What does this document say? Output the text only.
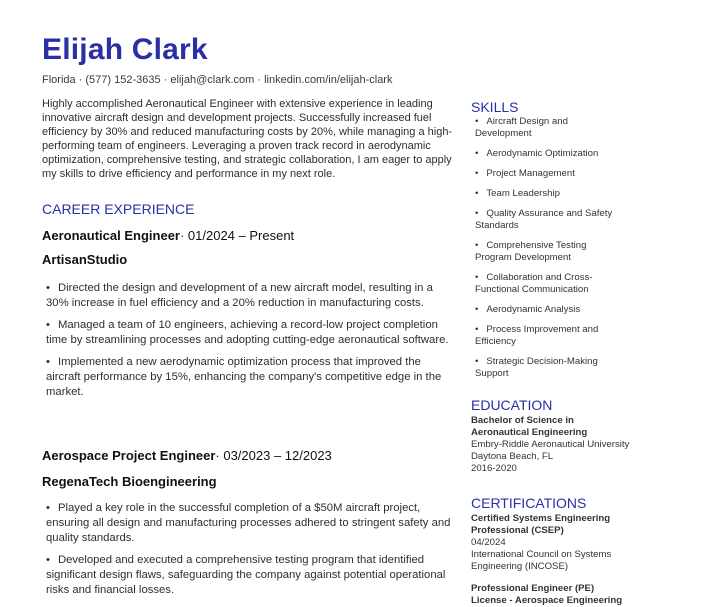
Elijah Clark
Florida · (577) 152-3635 · elijah@clark.com · linkedin.com/in/elijah-clark

Highly accomplished Aeronautical Engineer with extensive experience in leading innovative aircraft design and development projects. Successfully increased fuel efficiency by 30% and reduced manufacturing costs by 20%, while managing a high-performing team of engineers. Leveraging a proven track record in aerodynamic optimization, comprehensive testing, and strategic collaboration, I am eager to apply my skills to drive efficiency and performance in my next role.

CAREER EXPERIENCE
Aeronautical Engineer· 01/2024 – Present
ArtisanStudio
• Directed the design and development of a new aircraft model, resulting in a 30% increase in fuel efficiency and a 20% reduction in manufacturing costs.
• Managed a team of 10 engineers, achieving a record-low project completion time by streamlining processes and adopting cutting-edge aeronautical software.
• Implemented a new aerodynamic optimization process that improved the aircraft performance by 15%, enhancing the company's competitive edge in the market.
Aerospace Project Engineer· 03/2023 – 12/2023
RegenaTech Bioengineering
• Played a key role in the successful completion of a $50M aircraft project, ensuring all design and manufacturing processes adhered to stringent safety and quality standards.
• Developed and executed a comprehensive testing program that identified significant design flaws, safeguarding the company against potential operational risks and financial losses.
SKILLS
• Aircraft Design and Development
• Aerodynamic Optimization
• Project Management
• Team Leadership
• Quality Assurance and Safety Standards
• Comprehensive Testing Program Development
• Collaboration and Cross-Functional Communication
• Aerodynamic Analysis
• Process Improvement and Efficiency
• Strategic Decision-Making Support
EDUCATION
Bachelor of Science in Aeronautical Engineering
Embry-Riddle Aeronautical University
Daytona Beach, FL
2016-2020
CERTIFICATIONS
Certified Systems Engineering Professional (CSEP)
04/2024
International Council on Systems Engineering (INCOSE)
Professional Engineer (PE) License - Aerospace Engineering
